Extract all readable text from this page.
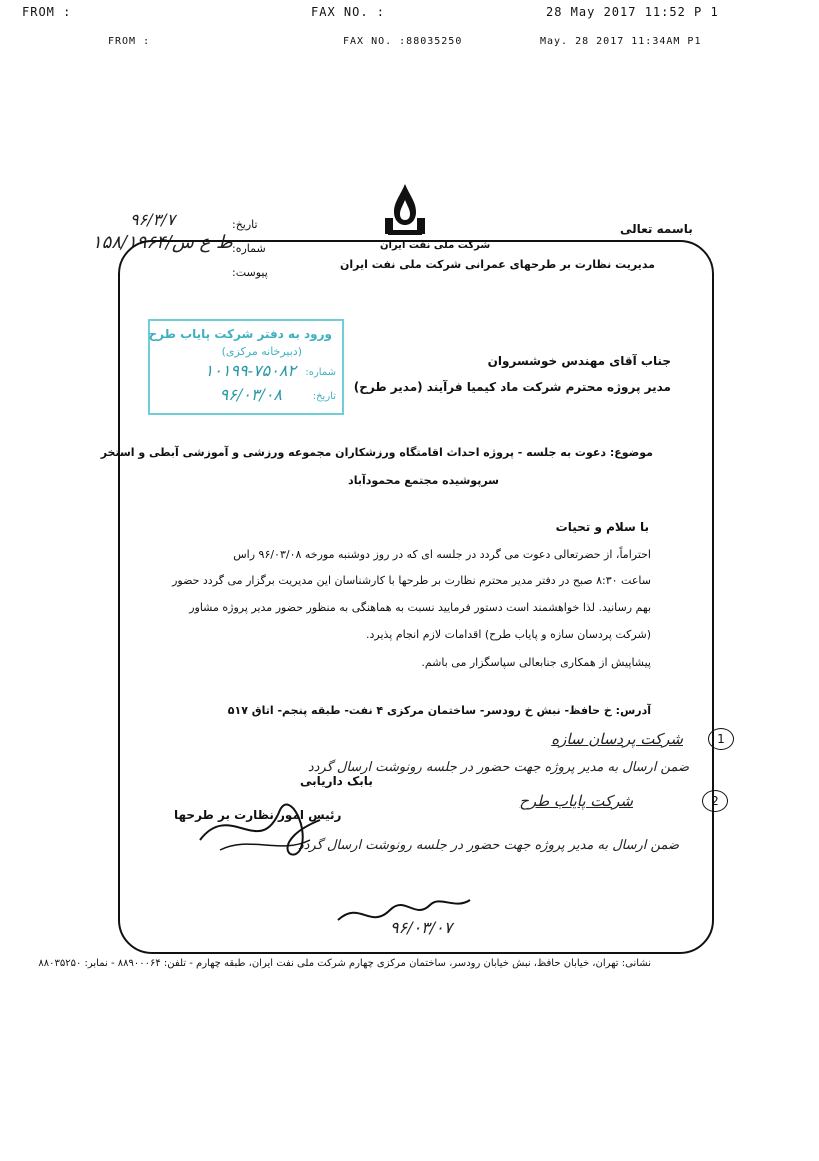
FROM :	FAX NO. :	28 May 2017 11:52 P 1
FROM :	FAX NO. :88035250	May. 28 2017 11:34AM P1
شرکت ملی نفت ایران
مدیریت نظارت بر طرحهای عمرانی شرکت ملی نفت ایران
باسمه تعالی
تاریخ:
۹۶/۳/۷
شماره:
ط ع س/۱۵۸/۱۹۶۴
پیوست:
ورود به دفتر شرکت پایاب طرح
(دبیرخانه مرکزی)
شماره:
۱۰۱۹۹-۷۵۰۸۲
تاریخ:
۹۶/۰۳/۰۸
جناب آقای مهندس خوشسروان
مدیر پروژه محترم شرکت ماد کیمیا فرآیند (مدیر طرح)
موضوع: دعوت به جلسه - پروژه احداث اقامتگاه ورزشکاران مجموعه ورزشی و آموزشی آبطی و استخر
سرپوشیده مجتمع محمودآباد
با سلام و تحیات
احتراماً، از حضرتعالی دعوت می گردد در جلسه ای که در روز دوشنبه مورخه ۹۶/۰۳/۰۸ راس
ساعت ۸:۳۰ صبح در دفتر مدیر محترم نظارت بر طرحها با کارشناسان این مدیریت برگزار می گردد حضور
بهم رسانید. لذا خواهشمند است دستور فرمایید نسبت به هماهنگی به منظور حضور مدیر پروژه مشاور
(شرکت پردسان سازه و پایاب طرح) اقدامات لازم انجام پذیرد.
پیشاپیش از همکاری جنابعالی سپاسگزار می باشم.
آدرس: خ حافظ- نبش خ رودسر- ساختمان مرکزی ۴ نفت- طبقه پنجم- اتاق ۵۱۷
1
شرکت پردسان سازه
ضمن ارسال به مدیر پروژه جهت حضور در جلسه رونوشت ارسال گردد
2
شرکت پایاب طرح
ضمن ارسال به مدیر پروژه جهت حضور در جلسه رونوشت ارسال گردد
بابک داریابی
رئیس امور نظارت بر طرحها
۹۶/۰۳/۰۷
نشانی: تهران، خیابان حافظ، نبش خیابان رودسر، ساختمان مرکزی چهارم شرکت ملی نفت ایران، طبقه چهارم - تلفن: ۸۸۹۰۰۰۶۴ - نمابر: ۸۸۰۳۵۲۵۰
